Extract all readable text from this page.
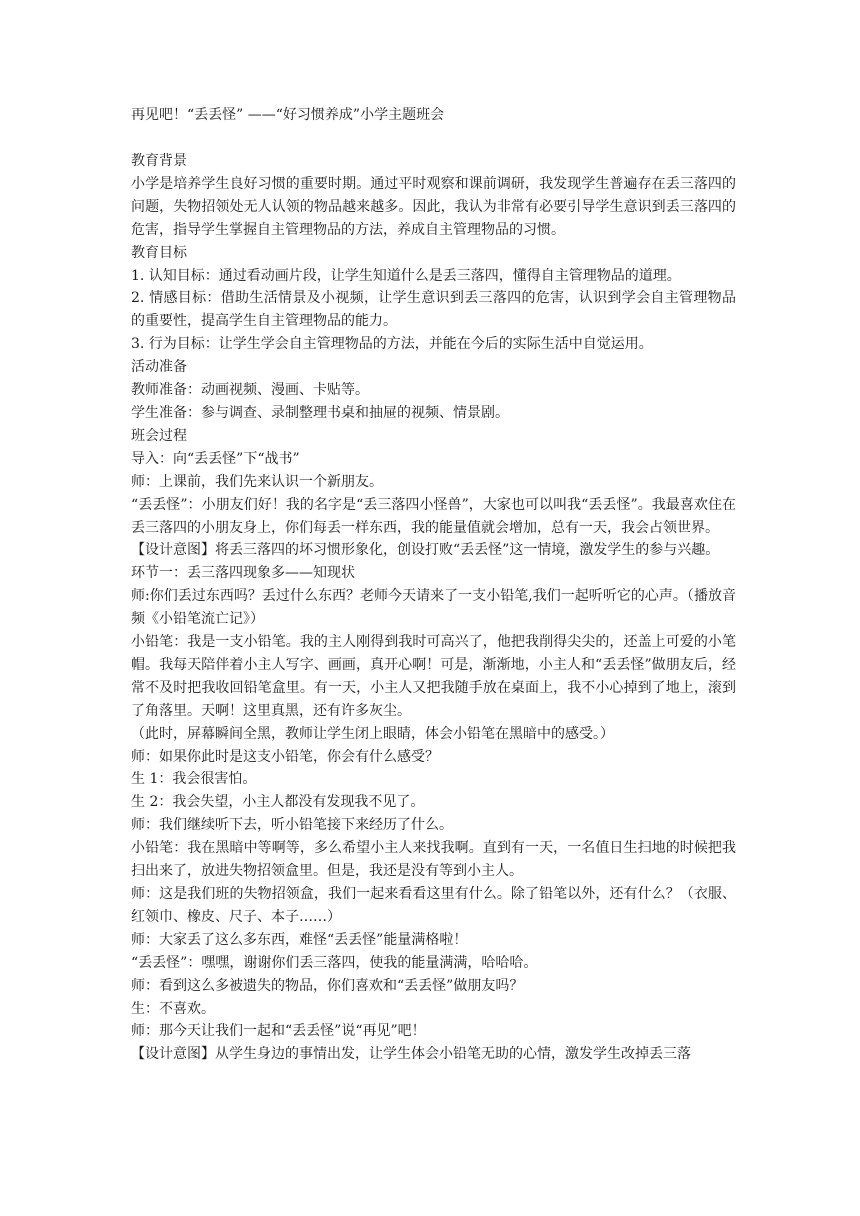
再见吧！“丢丢怪” ——“好习惯养成”小学主题班会

教育背景

小学是培养学生良好习惯的重要时期。通过平时观察和课前调研，我发现学生普遍存在丢三落四的问题，失物招领处无人认领的物品越来越多。因此，我认为非常有必要引导学生意识到丢三落四的危害，指导学生掌握自主管理物品的方法，养成自主管理物品的习惯。

教育目标

1. 认知目标：通过看动画片段，让学生知道什么是丢三落四，懂得自主管理物品的道理。

2. 情感目标：借助生活情景及小视频，让学生意识到丢三落四的危害，认识到学会自主管理物品的重要性，提高学生自主管理物品的能力。

3. 行为目标：让学生学会自主管理物品的方法，并能在今后的实际生活中自觉运用。

活动准备

教师准备：动画视频、漫画、卡贴等。

学生准备：参与调查、录制整理书桌和抽屉的视频、情景剧。

班会过程

导入：向“丢丢怪”下“战书”

师：上课前，我们先来认识一个新朋友。

“丢丢怪”：小朋友们好！我的名字是“丢三落四小怪兽”，大家也可以叫我“丢丢怪”。我最喜欢住在丢三落四的小朋友身上，你们每丢一样东西，我的能量值就会增加，总有一天，我会占领世界。

【设计意图】将丢三落四的坏习惯形象化，创设打败“丢丢怪”这一情境，激发学生的参与兴趣。

环节一：丢三落四现象多——知现状

师:你们丢过东西吗？丢过什么东西？老师今天请来了一支小铅笔,我们一起听听它的心声。（播放音频《小铅笔流亡记》）

小铅笔：我是一支小铅笔。我的主人刚得到我时可高兴了，他把我削得尖尖的，还盖上可爱的小笔帽。我每天陪伴着小主人写字、画画，真开心啊！可是，渐渐地，小主人和“丢丢怪”做朋友后，经常不及时把我收回铅笔盒里。有一天，小主人又把我随手放在桌面上，我不小心掉到了地上，滚到了角落里。天啊！这里真黑，还有许多灰尘。

（此时，屏幕瞬间全黑，教师让学生闭上眼睛，体会小铅笔在黑暗中的感受。）

师：如果你此时是这支小铅笔，你会有什么感受？

生 1：我会很害怕。

生 2：我会失望，小主人都没有发现我不见了。

师：我们继续听下去，听小铅笔接下来经历了什么。

小铅笔：我在黑暗中等啊等，多么希望小主人来找我啊。直到有一天，一名值日生扫地的时候把我扫出来了，放进失物招领盒里。但是，我还是没有等到小主人。

师：这是我们班的失物招领盒，我们一起来看看这里有什么。除了铅笔以外，还有什么？（衣服、红领巾、橡皮、尺子、本子……）

师：大家丢了这么多东西，难怪“丢丢怪”能量满格啦！

“丢丢怪”：嘿嘿，谢谢你们丢三落四，使我的能量满满，哈哈哈。

师：看到这么多被遗失的物品，你们喜欢和“丢丢怪”做朋友吗？

生：不喜欢。

师：那今天让我们一起和“丢丢怪”说“再见”吧！

【设计意图】从学生身边的事情出发，让学生体会小铅笔无助的心情，激发学生改掉丢三落
